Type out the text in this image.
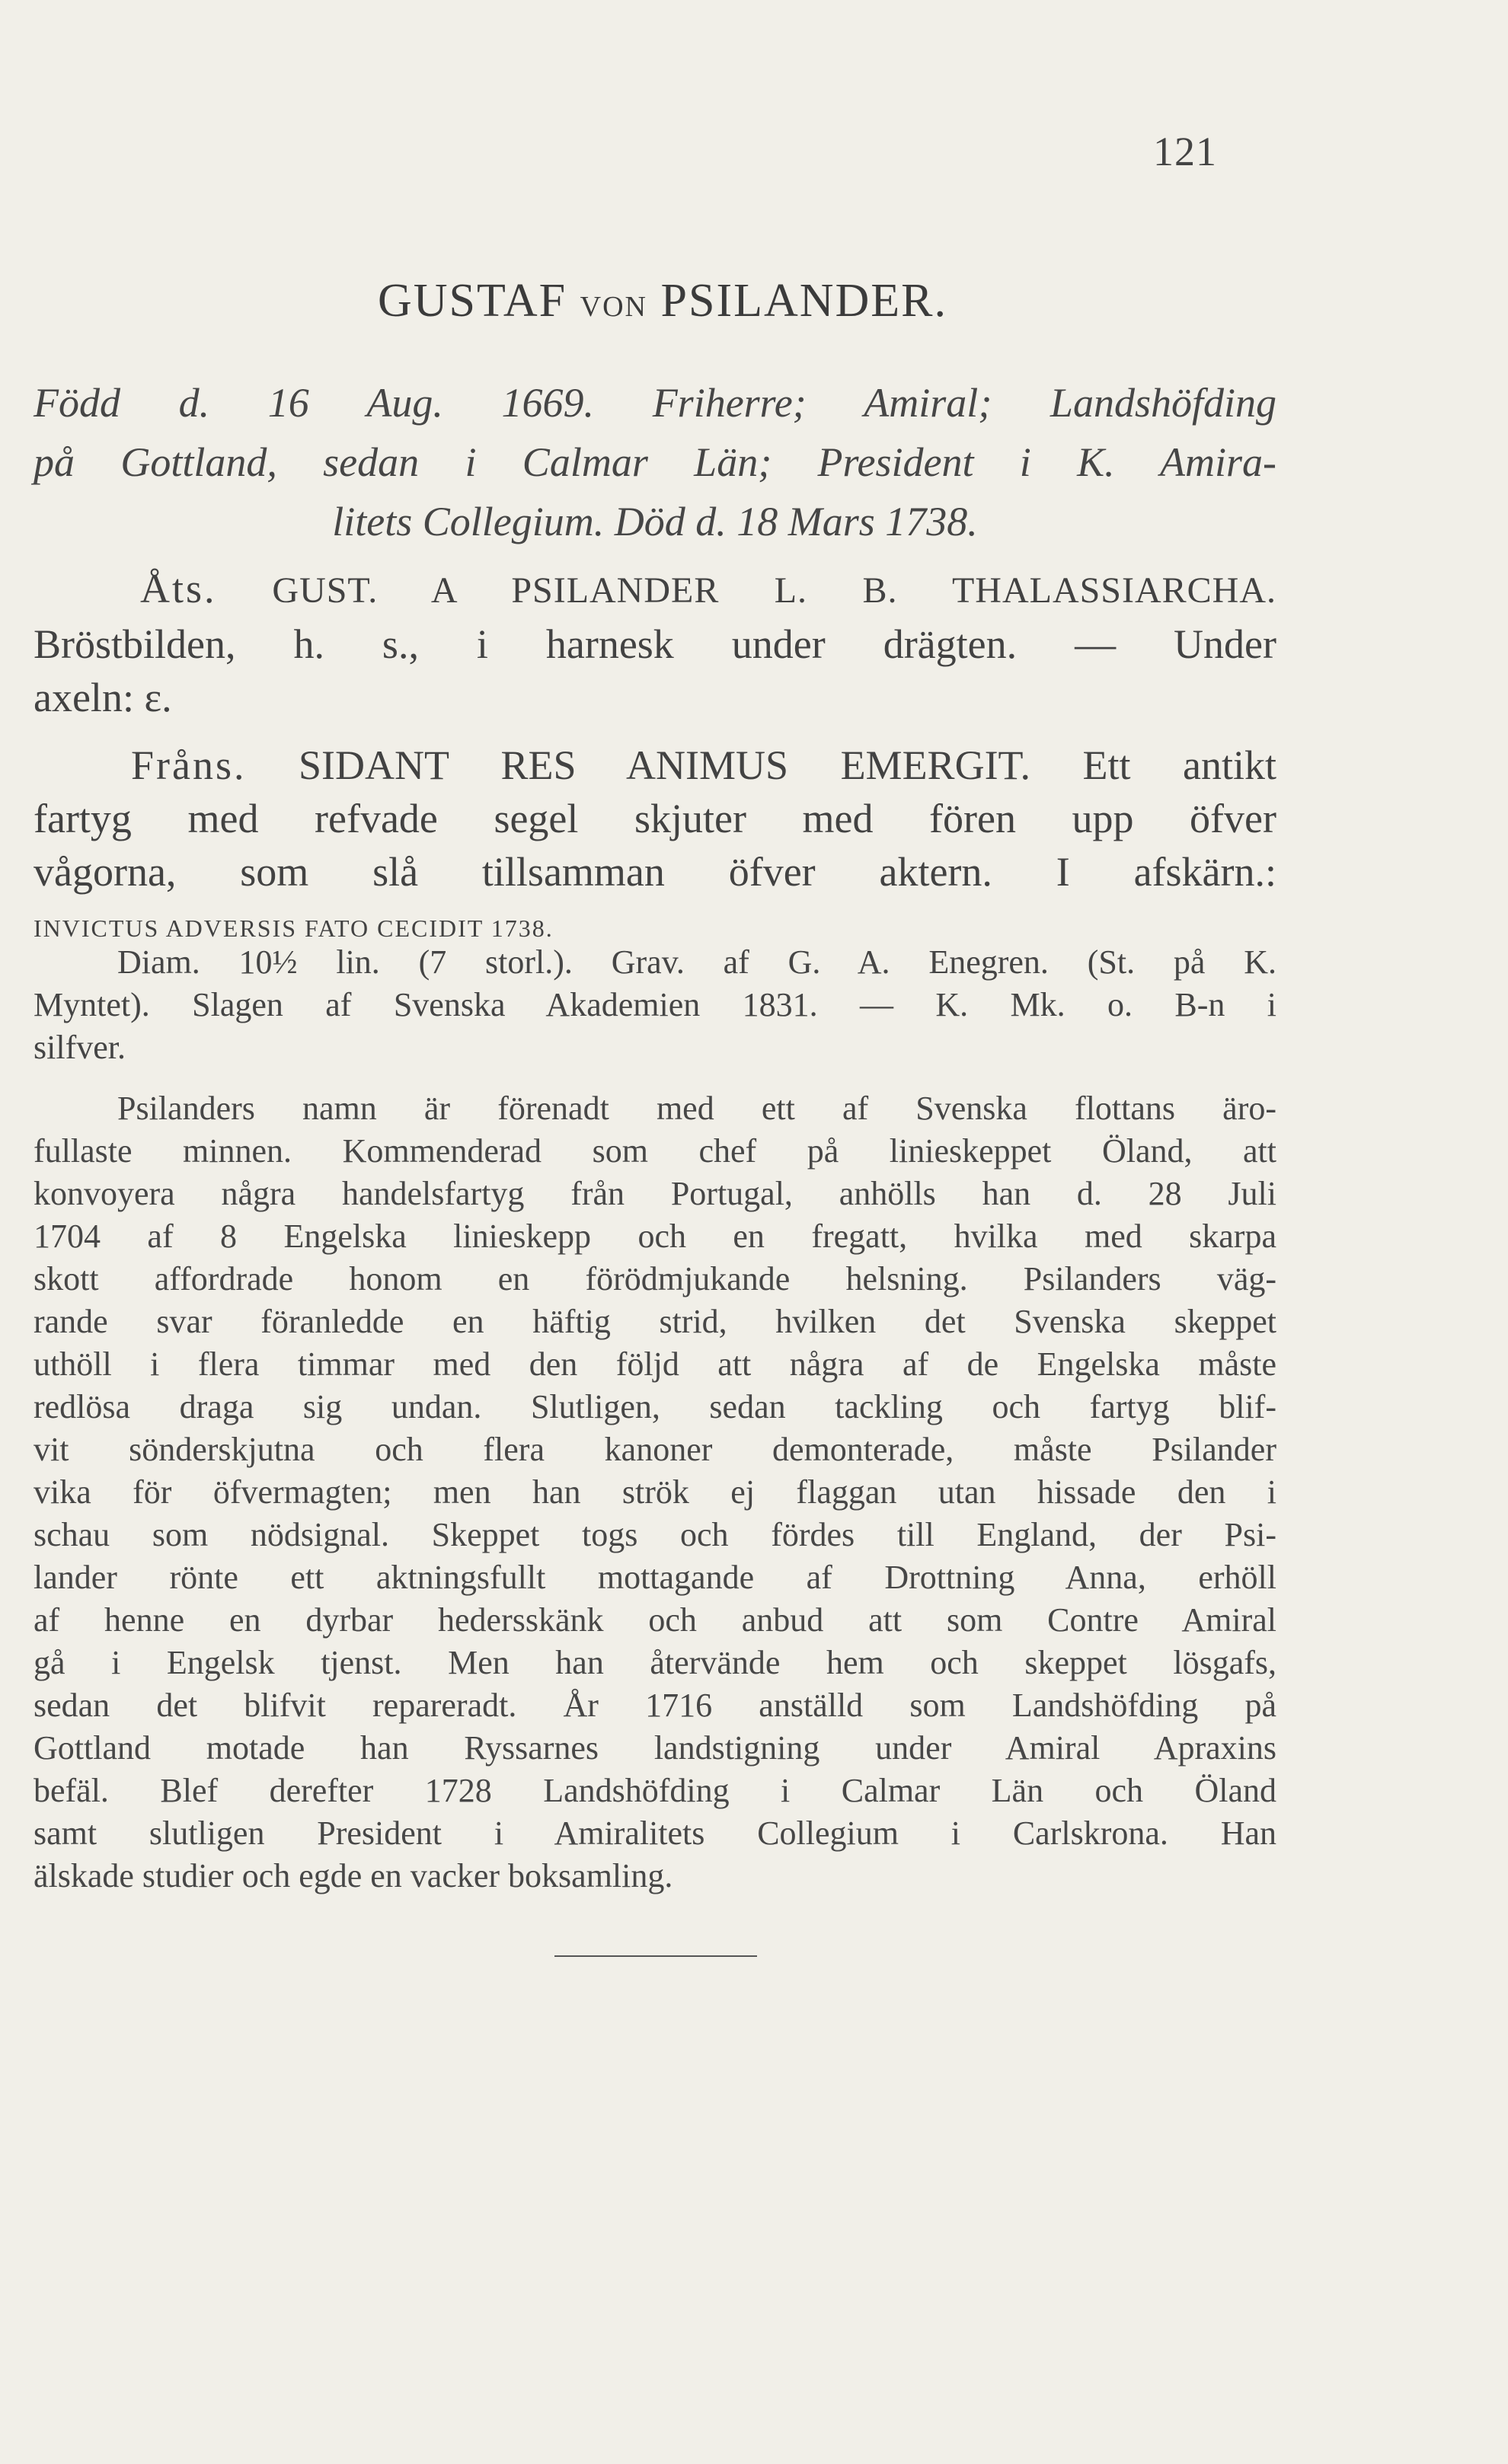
121
GUSTAF VON PSILANDER.
Född d. 16 Aug. 1669. Friherre; Amiral; Landshöfding
på Gottland, sedan i Calmar Län; President i K. Amira-
litets Collegium. Död d. 18 Mars 1738.
Åts. GUST. A PSILANDER L. B. THALASSIARCHA.
Bröstbilden, h. s., i harnesk under drägten. — Under
axeln: ε.
Fråns. SIDANT RES ANIMUS EMERGIT. Ett antikt
fartyg med refvade segel skjuter med fören upp öfver
vågorna, som slå tillsamman öfver aktern. I afskärn.:
INVICTUS ADVERSIS FATO CECIDIT 1738.
Diam. 10½ lin. (7 storl.). Grav. af G. A. Enegren. (St. på K.
Myntet). Slagen af Svenska Akademien 1831. — K. Mk. o. B-n i
silfver.
Psilanders namn är förenadt med ett af Svenska flottans äro-
fullaste minnen. Kommenderad som chef på linieskeppet Öland, att
konvoyera några handelsfartyg från Portugal, anhölls han d. 28 Juli
1704 af 8 Engelska linieskepp och en fregatt, hvilka med skarpa
skott affordrade honom en förödmjukande helsning. Psilanders väg-
rande svar föranledde en häftig strid, hvilken det Svenska skeppet
uthöll i flera timmar med den följd att några af de Engelska måste
redlösa draga sig undan. Slutligen, sedan tackling och fartyg blif-
vit sönderskjutna och flera kanoner demonterade, måste Psilander
vika för öfvermagten; men han strök ej flaggan utan hissade den i
schau som nödsignal. Skeppet togs och fördes till England, der Psi-
lander rönte ett aktningsfullt mottagande af Drottning Anna, erhöll
af henne en dyrbar hedersskänk och anbud att som Contre Amiral
gå i Engelsk tjenst. Men han återvände hem och skeppet lösgafs,
sedan det blifvit repareradt. År 1716 anställd som Landshöfding på
Gottland motade han Ryssarnes landstigning under Amiral Apraxins
befäl. Blef derefter 1728 Landshöfding i Calmar Län och Öland
samt slutligen President i Amiralitets Collegium i Carlskrona. Han
älskade studier och egde en vacker boksamling.
